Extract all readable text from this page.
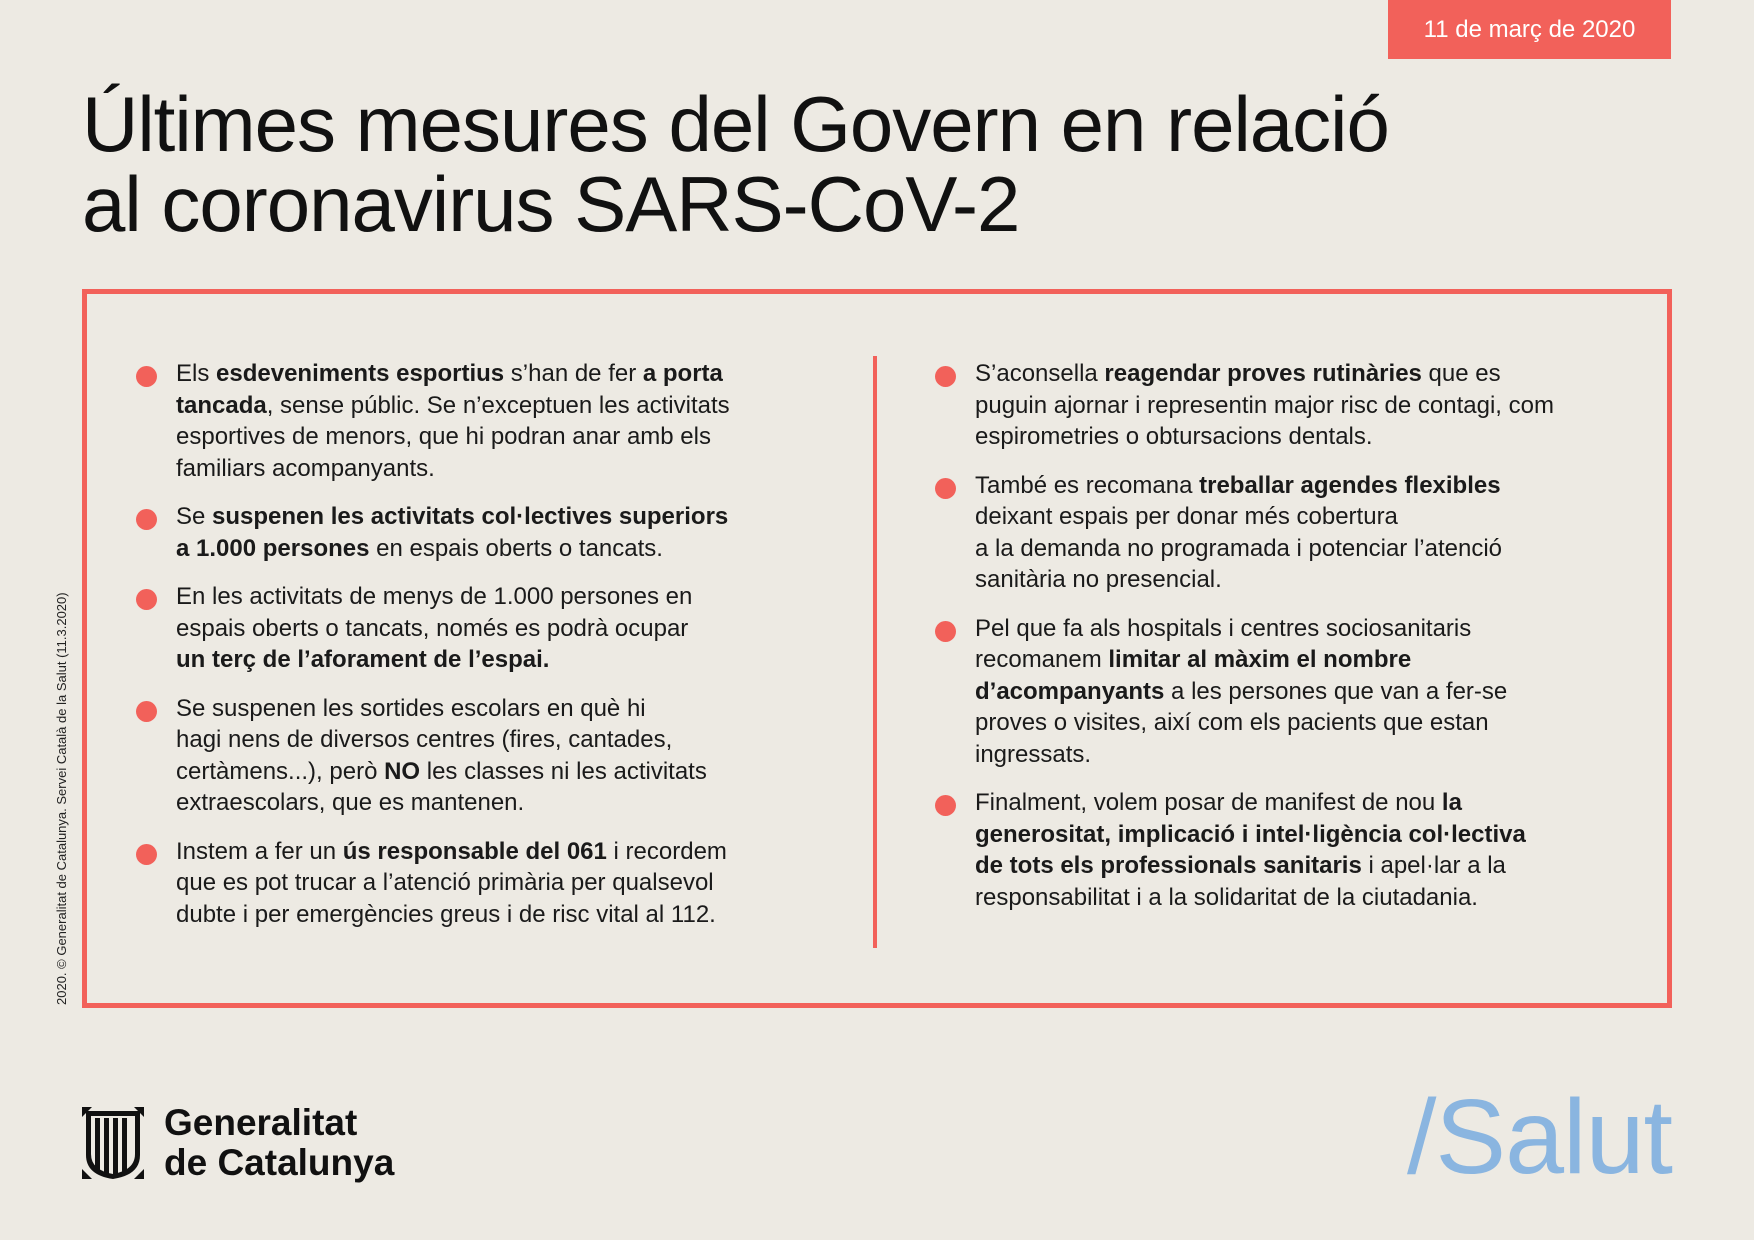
11 de març de 2020
Últimes mesures del Govern en relació
al coronavirus SARS-CoV-2
Els esdeveniments esportius s’han de fer a porta
tancada, sense públic. Se n’exceptuen les activitats
esportives de menors, que hi podran anar amb els
familiars acompanyants.
Se suspenen les activitats col·lectives superiors
a 1.000 persones en espais oberts o tancats.
En les activitats de menys de 1.000 persones en
espais oberts o tancats, només es podrà ocupar
un terç de l’aforament de l’espai.
Se suspenen les sortides escolars en què hi
hagi nens de diversos centres (fires, cantades,
certàmens...), però NO les classes ni les activitats
extraescolars, que es mantenen.
Instem a fer un ús responsable del 061 i recordem
que es pot trucar a l’atenció primària per qualsevol
dubte i per emergències greus i de risc vital al 112.
S’aconsella reagendar proves rutinàries que es
puguin ajornar i representin major risc de contagi, com
espirometries o obtursacions dentals.
També es recomana treballar agendes flexibles
deixant espais per donar més cobertura
a la demanda no programada i potenciar l’atenció
sanitària no presencial.
Pel que fa als hospitals i centres sociosanitaris
recomanem limitar al màxim el nombre
d’acompanyants a les persones que van a fer-se
proves o visites, així com els pacients que estan
ingressats.
Finalment, volem posar de manifest de nou la
generositat, implicació i intel·ligència col·lectiva
de tots els professionals sanitaris i apel·lar a la
responsabilitat i a la solidaritat de la ciutadania.
2020. © Generalitat de Catalunya. Servei Català de la Salut (11.3.2020)
Generalitat
de Catalunya	/Salut
